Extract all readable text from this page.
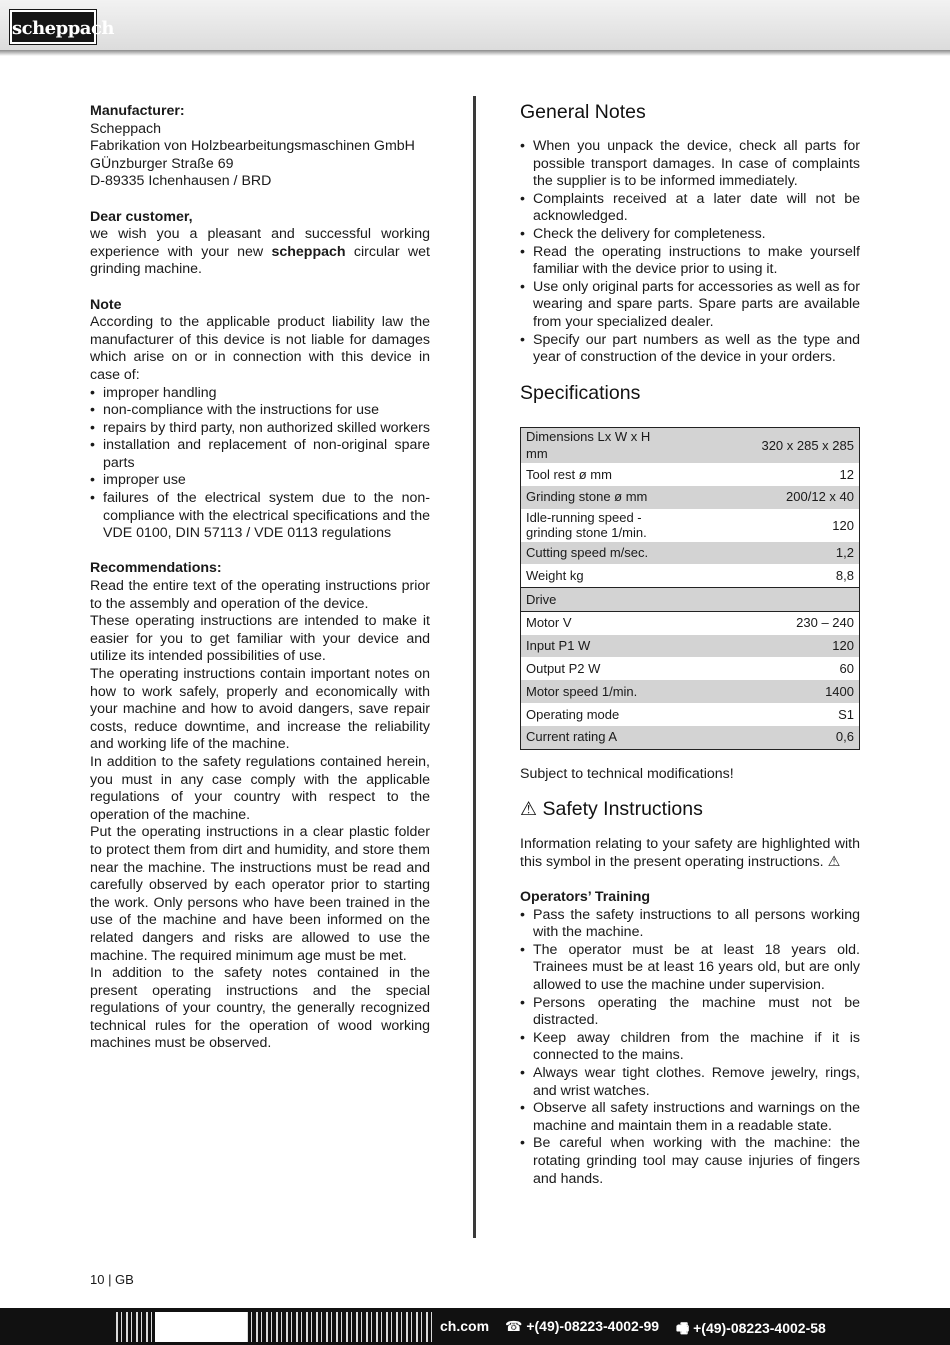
scheppach

Manufacturer:

Scheppach

Fabrikation von Holzbearbeitungsmaschinen GmbH

GÜnzburger Straße 69

D-89335 Ichenhausen / BRD

Dear customer,

we wish you a pleasant and successful working experience with your new scheppach circular wet grinding machine.

Note

According to the applicable product liability law the manufacturer of this device is not liable for damages which arise on or in connection with this device in case of:

• improper handling
• non-compliance with the instructions for use
• repairs by third party, non authorized skilled workers
• installation and replacement of non-original spare parts
• improper use
• failures of the electrical system due to the non-compliance with the electrical specifications and the VDE 0100, DIN 57113 / VDE 0113 regulations

Recommendations:

Read the entire text of the operating instructions prior to the assembly and operation of the device.

These operating instructions are intended to make it easier for you to get familiar with your device and utilize its intended possibilities of use.

The operating instructions contain important notes on how to work safely, properly and economically with your machine and how to avoid dangers, save repair costs, reduce downtime, and increase the reliability and working life of the machine.

In addition to the safety regulations contained herein, you must in any case comply with the applicable regulations of your country with respect to the operation of the machine.

Put the operating instructions in a clear plastic folder to protect them from dirt and humidity, and store them near the machine. The instructions must be read and carefully observed by each operator prior to starting the work. Only persons who have been trained in the use of the machine and have been informed on the related dangers and risks are allowed to use the machine. The required minimum age must be met.

In addition to the safety notes contained in the present operating instructions and the special regulations of your country, the generally recognized technical rules for the operation of wood working machines must be observed.

General Notes
• When you unpack the device, check all parts for possible transport damages. In case of complaints the supplier is to be informed immediately.
• Complaints received at a later date will not be acknowledged.
• Check the delivery for completeness.
• Read the operating instructions to make yourself familiar with the device prior to using it.
• Use only original parts for accessories as well as for wearing and spare parts. Spare parts are available from your specialized dealer.
• Specify our part numbers as well as the type and year of construction of the device in your orders.
Specifications
Dimensions Lx W x H mm	320 x 285 x 285
Tool rest ø mm	12
Grinding stone ø mm	200/12 x 40
Idle-running speed - grinding stone 1/min.	120
Cutting speed m/sec.	1,2
Weight kg	8,8
Drive	
Motor V	230 – 240
Input P1 W	120
Output P2 W	60
Motor speed 1/min.	1400
Operating mode	S1
Current rating A	0,6

Subject to technical modifications!

⚠ Safety Instructions

Information relating to your safety are highlighted with this symbol in the present operating instructions. ⚠

Operators’ Training

• Pass the safety instructions to all persons working with the machine.
• The operator must be at least 18 years old. Trainees must be at least 16 years old, but are only allowed to use the machine under supervision.
• Persons operating the machine must not be distracted.
• Keep away children from the machine if it is connected to the mains.
• Always wear tight clothes. Remove jewelry, rings, and wrist watches.
• Observe all safety instructions and warnings on the machine and maintain them in a readable state.
• Be careful when working with the machine: the rotating grinding tool may cause injuries of fingers and hands.
10 | GB
ch.com ☎ +(49)-08223-4002-99 🖷 +(49)-08223-4002-58
